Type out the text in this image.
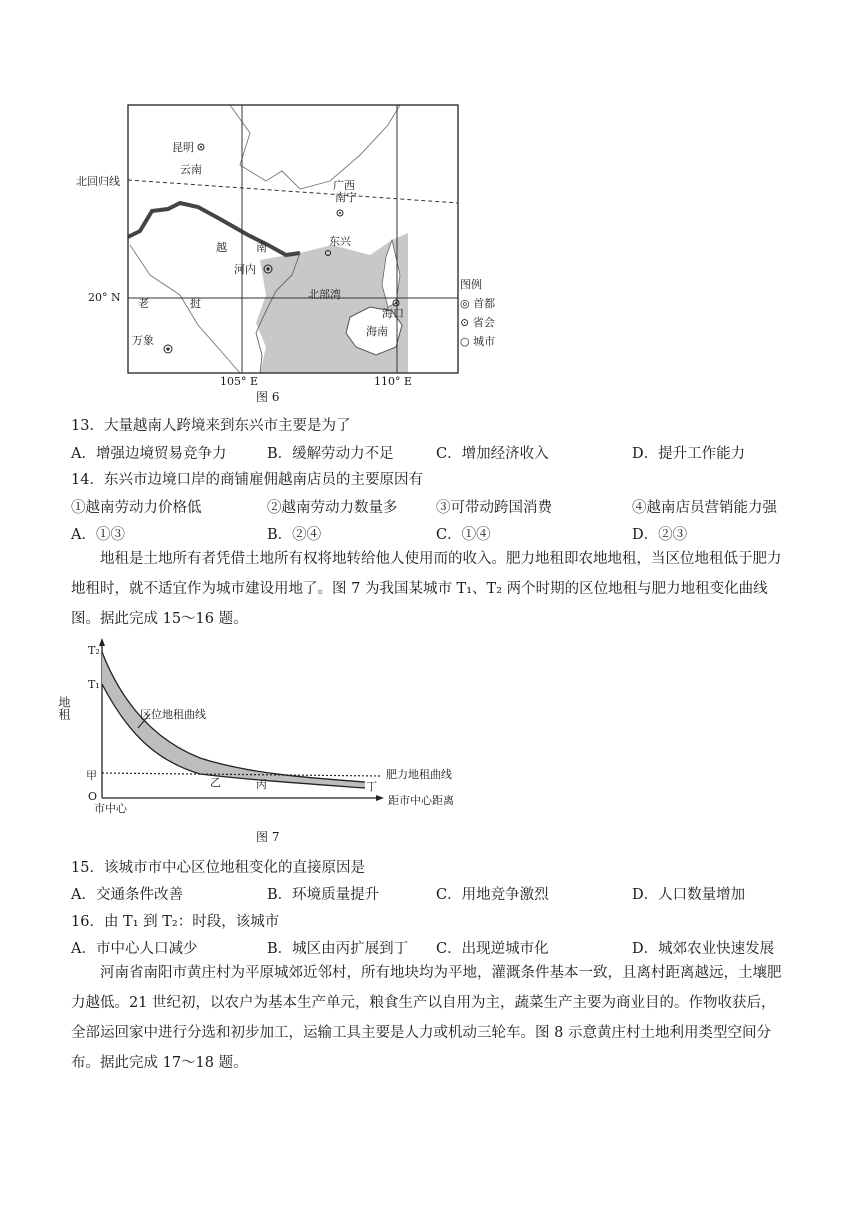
昆明
云南
广西
南宁
东兴
越	南
河内
老	挝
万象
北部湾
海口
海南
北回归线
20° N
105° E	110° E
图例
◎ 首都
⊙ 省会
○ 城市
图 6
13．大量越南人跨境来到东兴市主要是为了
A．增强边境贸易竞争力	B．缓解劳动力不足	C．增加经济收入	D．提升工作能力
14．东兴市边境口岸的商铺雇佣越南店员的主要原因有
①越南劳动力价格低	②越南劳动力数量多	③可带动跨国消费	④越南店员营销能力强
A．①③	B．②④	C．①④	D．②③

地租是土地所有者凭借土地所有权将地转给他人使用而的收入。肥力地租即农地地租，当区位地租低于肥力地租时，就不适宜作为城市建设用地了。图 7 为我国某城市 T₁、T₂ 两个时期的区位地租与肥力地租变化曲线图。据此完成 15～16 题。

地租
T₂
T₁
甲
O
区位地租曲线
乙	丙	丁
肥力地租曲线
市中心
距市中心距离
图 7
15．该城市市中心区位地租变化的直接原因是
A．交通条件改善	B．环境质量提升	C．用地竞争激烈	D．人口数量增加
16．由 T₁ 到 T₂：时段，该城市
A．市中心人口减少	B．城区由丙扩展到丁 C．出现逆城市化	D．城郊农业快速发展

河南省南阳市黄庄村为平原城郊近邻村，所有地块均为平地，灌溉条件基本一致，且离村距离越远，土壤肥力越低。21 世纪初，以农户为基本生产单元，粮食生产以自用为主，蔬菜生产主要为商业目的。作物收获后，全部运回家中进行分选和初步加工，运输工具主要是人力或机动三轮车。图 8 示意黄庄村土地利用类型空间分布。据此完成 17～18 题。
